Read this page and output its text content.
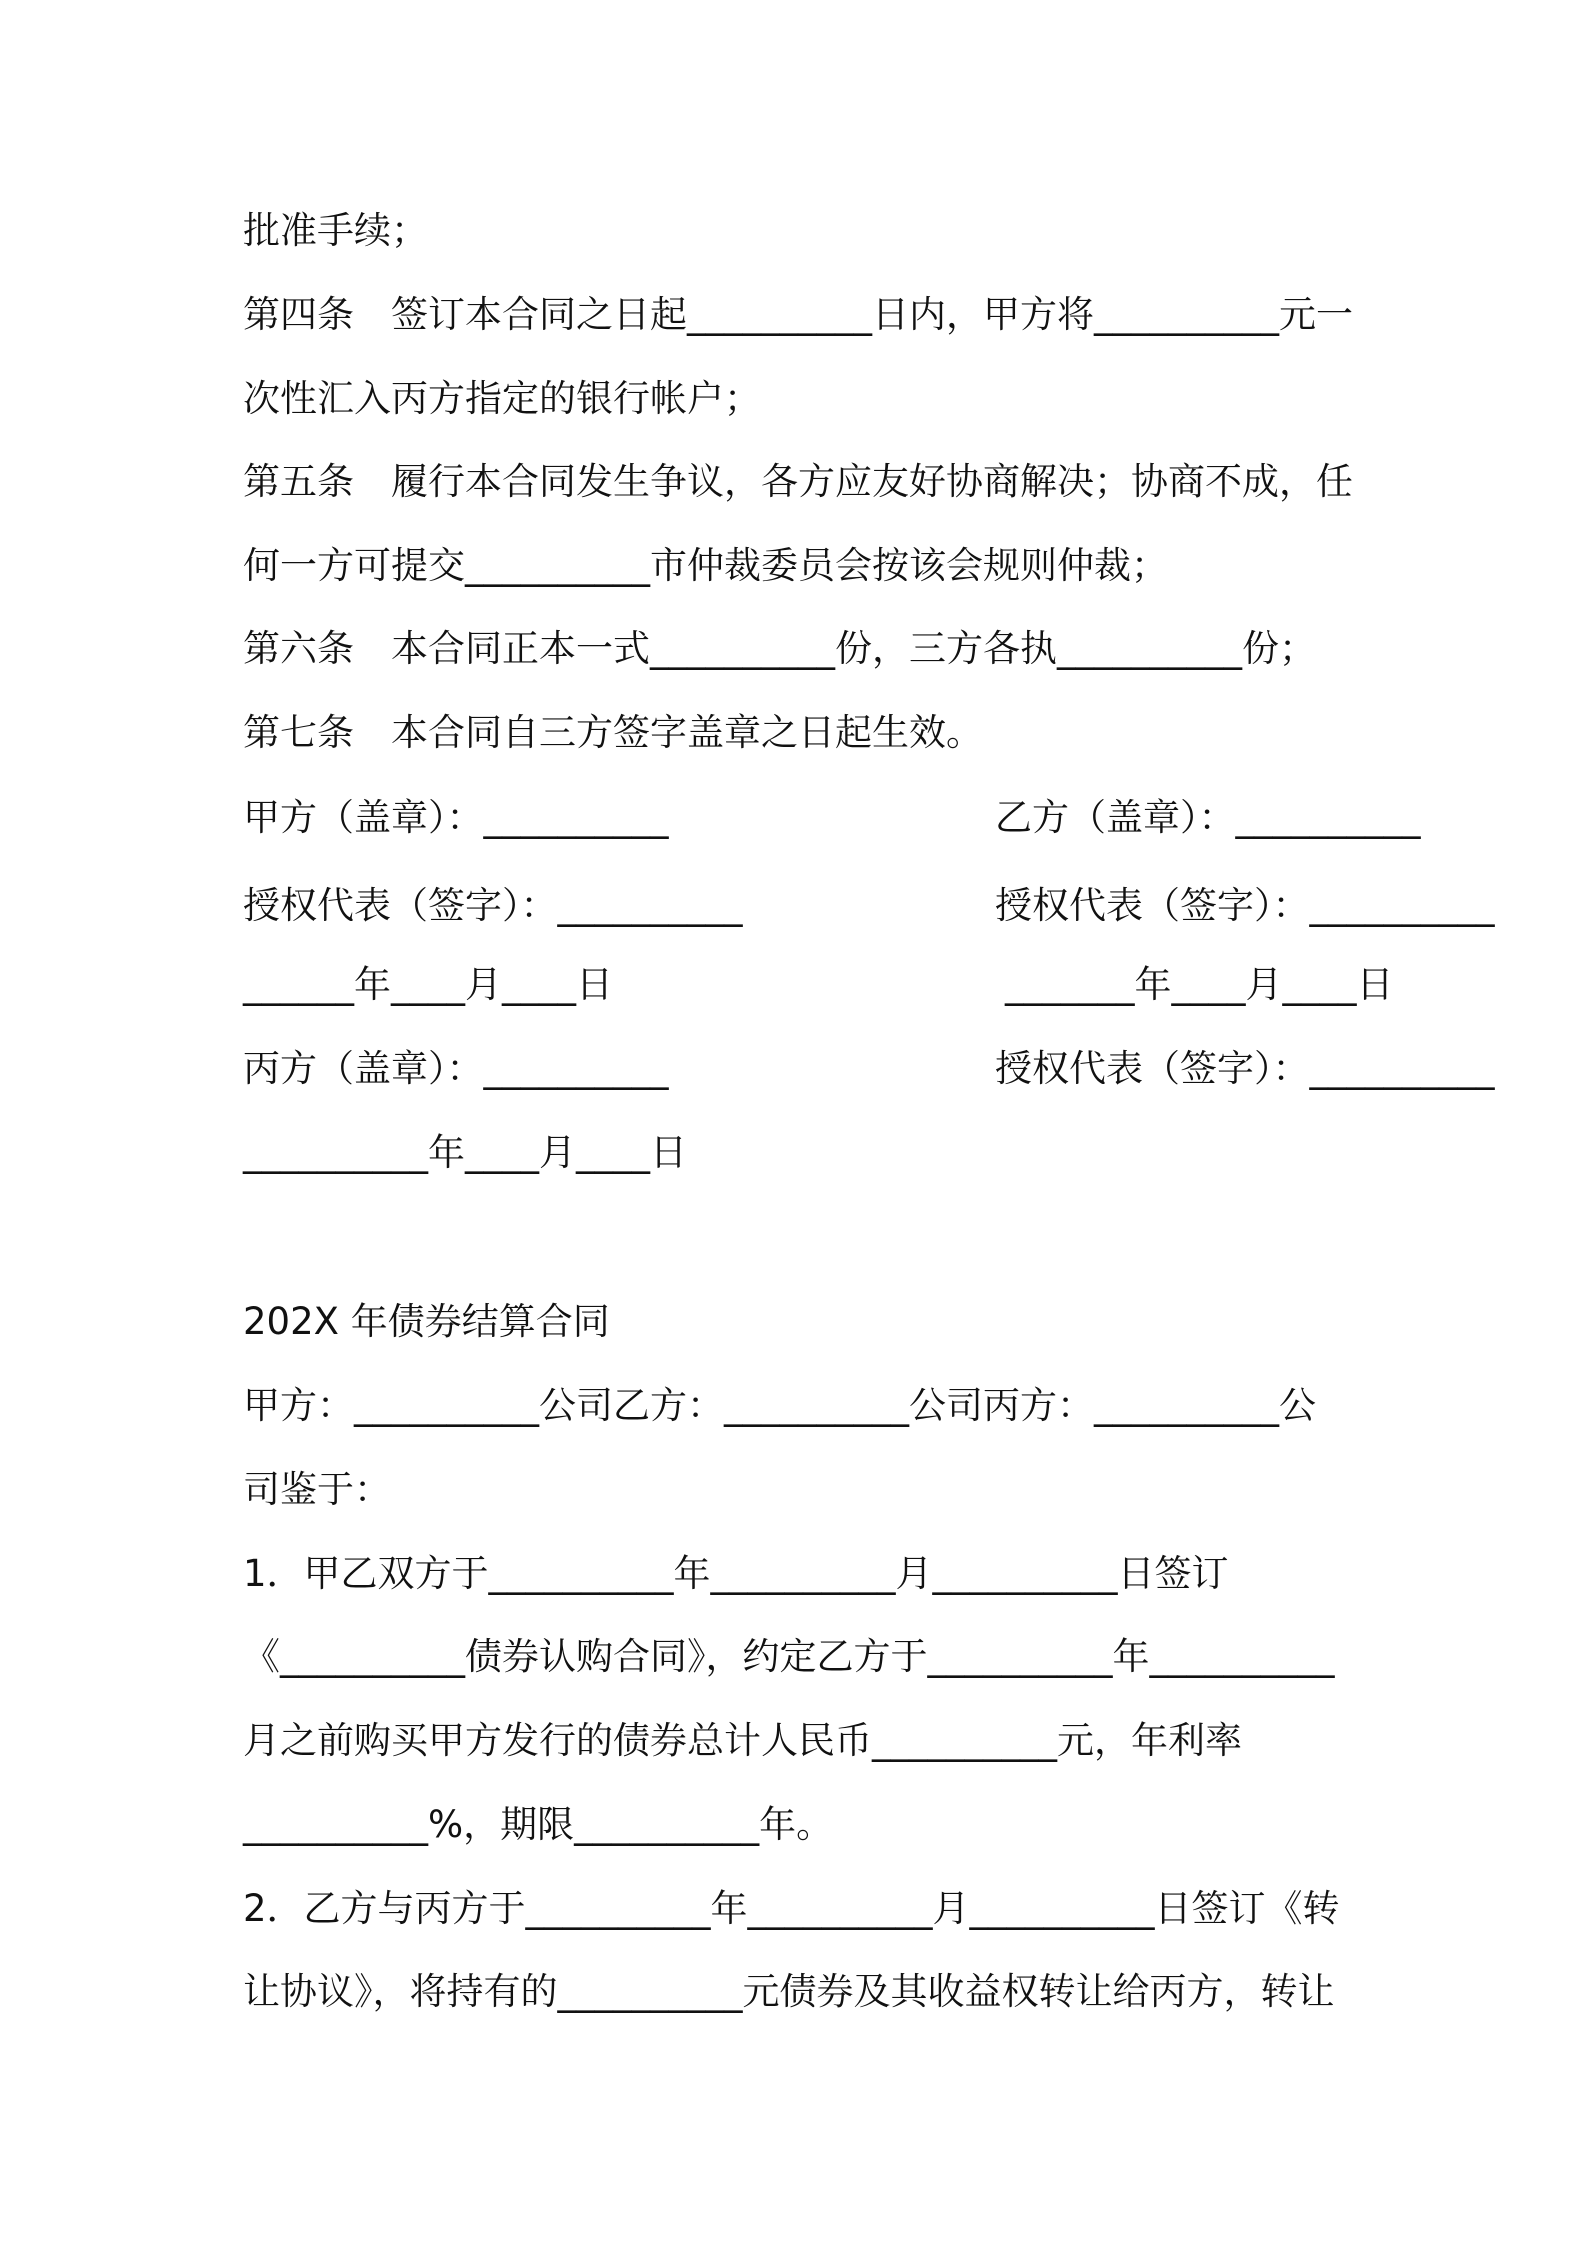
批准手续；
第四条　签订本合同之日起__________日内，甲方将__________元一
次性汇入丙方指定的银行帐户；
第五条　履行本合同发生争议，各方应友好协商解决；协商不成，任
何一方可提交__________市仲裁委员会按该会规则仲裁；
第六条　本合同正本一式__________份，三方各执__________份；
第七条　本合同自三方签字盖章之日起生效。
甲方（盖章）：__________	乙方（盖章）：__________
授权代表（签字）：__________	授权代表（签字）：__________
______年____月____日	_______年____月____日
丙方（盖章）：__________	授权代表（签字）：__________
__________年____月____日
202X 年债券结算合同
甲方：__________公司乙方：__________公司丙方：__________公
司鉴于：
1．甲乙双方于__________年__________月__________日签订
《__________债券认购合同》，约定乙方于__________年__________
月之前购买甲方发行的债券总计人民币__________元，年利率
__________%，期限__________年。
2．乙方与丙方于__________年__________月__________日签订《转
让协议》，将持有的__________元债券及其收益权转让给丙方，转让
